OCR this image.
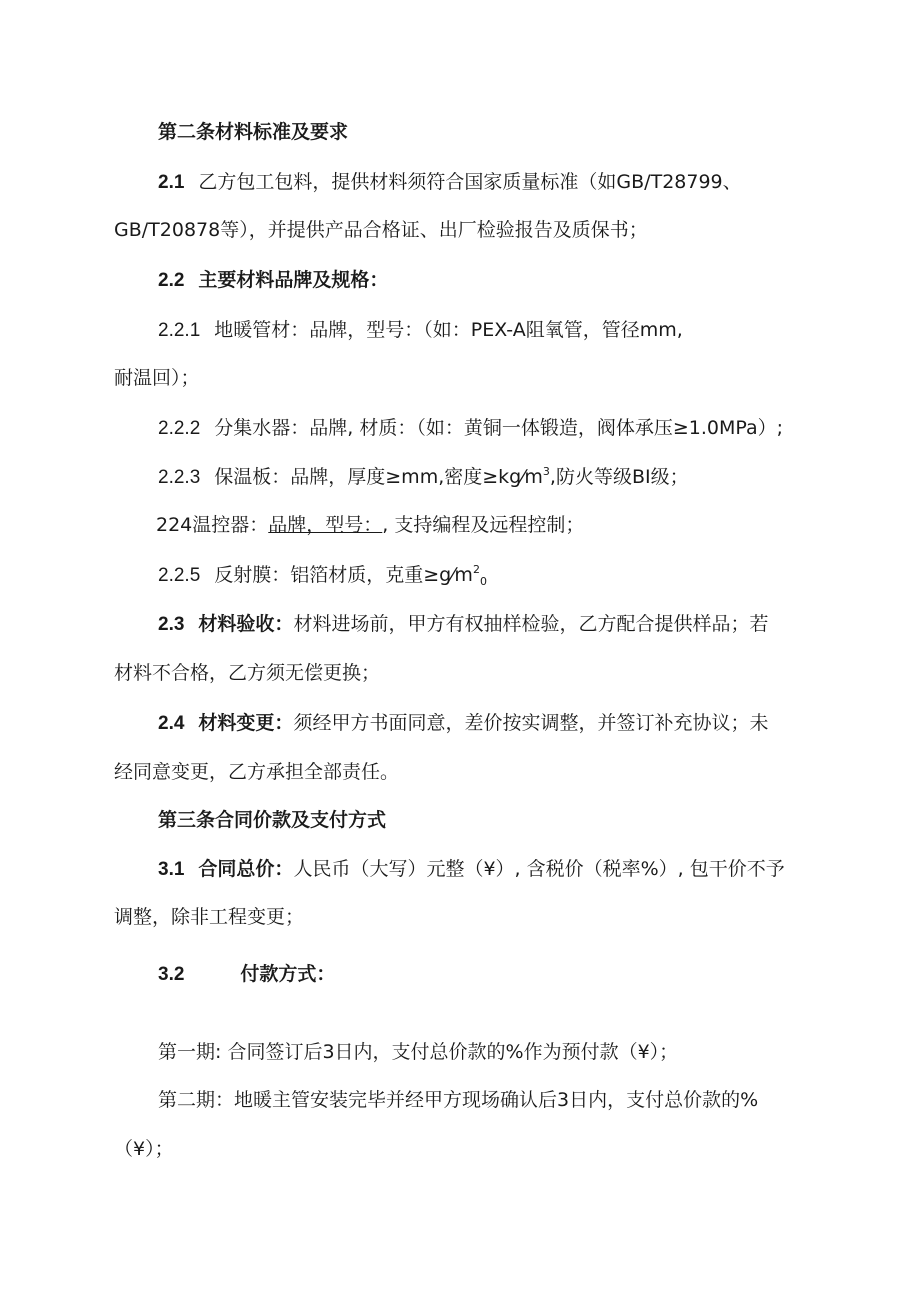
第二条材料标准及要求
2.1 乙方包工包料，提供材料须符合国家质量标准（如GB/T28799、
GB/T20878等），并提供产品合格证、出厂检验报告及质保书；
2.2 主要材料品牌及规格：
2.2.1 地暖管材：品牌，型号：（如：PEX-A阻氧管，管径mm,
耐温回）；
2.2.2 分集水器：品牌, 材质：（如：黄铜一体锻造，阀体承压≥1.0MPa）;
2.2.3 保温板：品牌，厚度≥mm,密度$\ge kg⁄m^3$,防火等级BI级；
224温控器：品牌，型号：, 支持编程及远程控制；
2.2.5 反射膜：铝箔材质，克重$\ge g⁄m^2_0$
2.3 材料验收：材料进场前，甲方有权抽样检验，乙方配合提供样品；若
材料不合格，乙方须无偿更换；
2.4 材料变更：须经甲方书面同意，差价按实调整，并签订补充协议；未
经同意变更，乙方承担全部责任。
第三条合同价款及支付方式
3.1 合同总价：人民币（大写）元整（¥）, 含税价（税率%）, 包干价不予
调整，除非工程变更；
3.2	付款方式：
第一期: 合同签订后3日内，支付总价款的%作为预付款（¥）；
第二期：地暖主管安装完毕并经甲方现场确认后3日内，支付总价款的%
（¥）；
